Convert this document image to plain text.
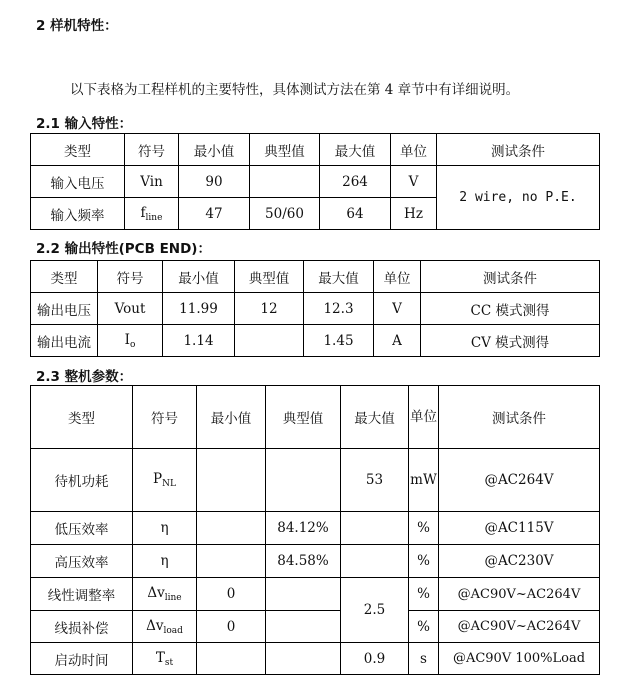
2 样机特性：
以下表格为工程样机的主要特性，具体测试方法在第 4 章节中有详细说明。
2.1 输入特性：
类型	符号	最小值	典型值	最大值	单位	测试条件
输入电压	Vin	90		264	V	2 wire, no P.E.
输入频率	$f_{line}$	47	50/60	64	Hz	
2.2 输出特性(PCB END)：
类型	符号	最小值	典型值	最大值	单位	测试条件
输出电压	Vout	11.99	12	12.3	V	CC 模式测得
输出电流	$I_o$	1.14		1.45	A	CV 模式测得
2.3 整机参数：
类型	符号	最小值	典型值	最大值	单位	测试条件
待机功耗	$P_{NL}$			53	mW	@AC264V
低压效率	η		84.12%		%	@AC115V
高压效率	η		84.58%		%	@AC230V
线性调整率	$\Delta v_{line}$	0		2.5	%	@AC90V~AC264V
线损补偿	$\Delta v_{load}$	0			%	@AC90V~AC264V
启动时间	$T_{st}$			0.9	s	@AC90V 100%Load
